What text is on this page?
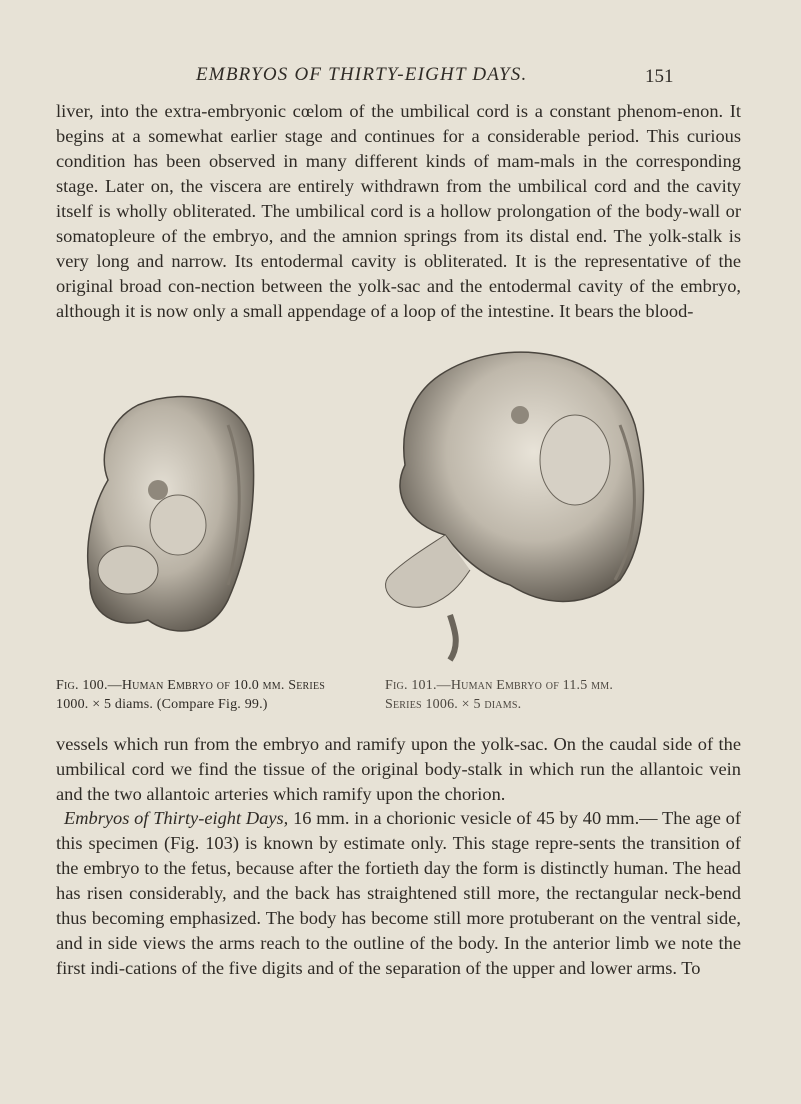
EMBRYOS OF THIRTY-EIGHT DAYS.	151

liver, into the extra-embryonic cœlom of the umbilical cord is a constant phenom-enon. It begins at a somewhat earlier stage and continues for a considerable period. This curious condition has been observed in many different kinds of mam-mals in the corresponding stage. Later on, the viscera are entirely withdrawn from the umbilical cord and the cavity itself is wholly obliterated. The umbilical cord is a hollow prolongation of the body-wall or somatopleure of the embryo, and the amnion springs from its distal end. The yolk-stalk is very long and narrow. Its entodermal cavity is obliterated. It is the representative of the original broad con-nection between the yolk-sac and the entodermal cavity of the embryo, although it is now only a small appendage of a loop of the intestine. It bears the blood-

Fig. 100.—Human Embryo of 10.0 mm. Series
1000. × 5 diams. (Compare Fig. 99.)

Fig. 101.—Human Embryo of 11.5 mm.
Series 1006. × 5 diams.

vessels which run from the embryo and ramify upon the yolk-sac. On the caudal side of the umbilical cord we find the tissue of the original body-stalk in which run the allantoic vein and the two allantoic arteries which ramify upon the chorion.

Embryos of Thirty-eight Days, 16 mm. in a chorionic vesicle of 45 by 40 mm.— The age of this specimen (Fig. 103) is known by estimate only. This stage repre-sents the transition of the embryo to the fetus, because after the fortieth day the form is distinctly human. The head has risen considerably, and the back has straightened still more, the rectangular neck-bend thus becoming emphasized. The body has become still more protuberant on the ventral side, and in side views the arms reach to the outline of the body. In the anterior limb we note the first indi-cations of the five digits and of the separation of the upper and lower arms. To
